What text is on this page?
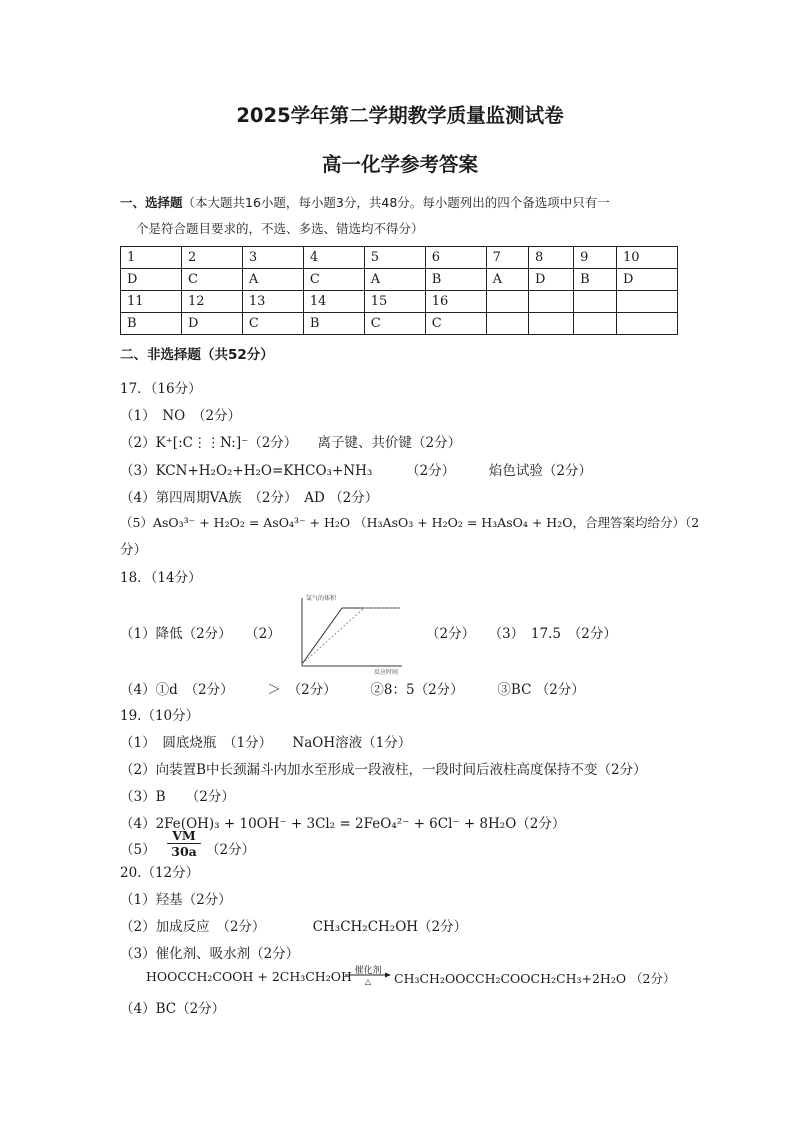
2025学年第二学期教学质量监测试卷
高一化学参考答案
一、选择题（本大题共16小题，每小题3分，共48分。每小题列出的四个备选项中只有一
个是符合题目要求的，不选、多选、错选均不得分）
1	2	3	4	5	6	7	8	9	10
D	C	A	C	A	B	A	D	B	D
11	12	13	14	15	16				
B	D	C	B	C	C				
二、非选择题（共52分）
17．（16分）
（1）　NO　（2分）
（2）K⁺[:C⋮⋮N:]⁻（2分）　　离子键、共价键（2分）
（3）KCN+H₂O₂+H₂O=KHCO₃+NH₃　　　（2分）　　　焰色试验（2分）
（4）第四周期VA族　（2分）　AD （2分）
（5）AsO₃³⁻ + H₂O₂ = AsO₄³⁻ + H₂O （H₃AsO₃ + H₂O₂ = H₃AsO₄ + H₂O，合理答案均给分）（2
分）
18．（14分）
（1）降低（2分）　　（2）
氯气的体积
反应时间
（2分）　　（3）　17.5　（2分）
（4）①d　（2分）　　　＞　（2分）　　　②8：5（2分）　　　③BC （2分）
19.（10分）
（1）　圆底烧瓶　（1分）　　NaOH溶液（1分）
（2）向装置B中长颈漏斗内加水至形成一段液柱，一段时间后液柱高度保持不变（2分）
（3）B　　（2分）
（4）2Fe(OH)₃ + 10OH⁻ + 3Cl₂ = 2FeO₄²⁻ + 6Cl⁻ + 8H₂O（2分）
$(5) \frac{VM}{30a} (2$分）
20.（12分）
（1）羟基（2分）
（2）加成反应　（2分）　　　　CH₃CH₂CH₂OH（2分）
（3）催化剂、吸水剂（2分）
HOOCCH₂COOH + 2CH₃CH₂OH 催化剂
△	CH₃CH₂OOCCH₂COOCH₂CH₃+2H₂O （2分）
（4）BC（2分）
